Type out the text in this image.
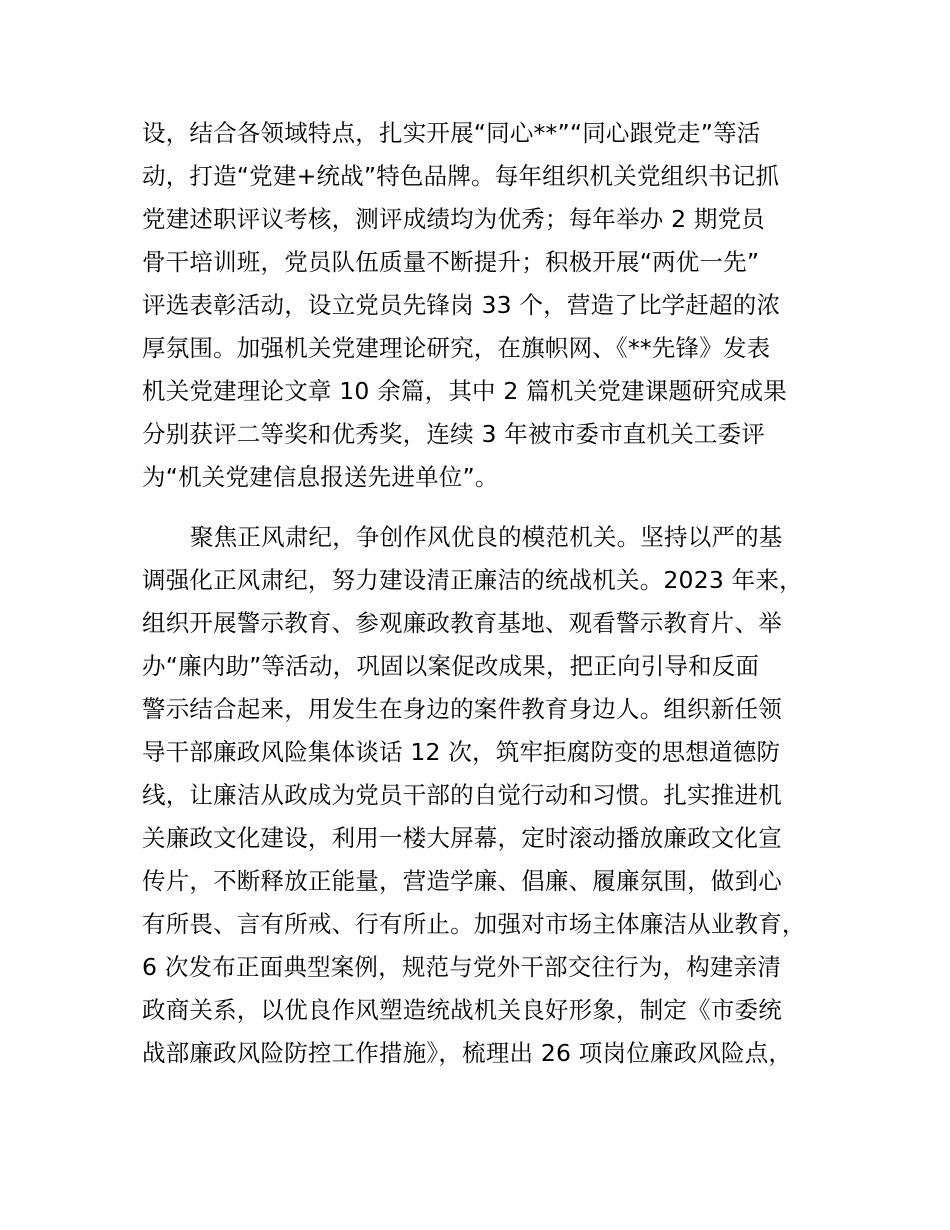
设，结合各领域特点，扎实开展“同心**”“同心跟党走”等活
动，打造“党建+统战”特色品牌。每年组织机关党组织书记抓
党建述职评议考核，测评成绩均为优秀；每年举办 2 期党员
骨干培训班，党员队伍质量不断提升；积极开展“两优一先”
评选表彰活动，设立党员先锋岗 33 个，营造了比学赶超的浓
厚氛围。加强机关党建理论研究，在旗帜网、《**先锋》发表
机关党建理论文章 10 余篇，其中 2 篇机关党建课题研究成果
分别获评二等奖和优秀奖，连续 3 年被市委市直机关工委评
为“机关党建信息报送先进单位”。
聚焦正风肃纪，争创作风优良的模范机关。坚持以严的基
调强化正风肃纪，努力建设清正廉洁的统战机关。2023 年来，
组织开展警示教育、参观廉政教育基地、观看警示教育片、举
办“廉内助”等活动，巩固以案促改成果，把正向引导和反面
警示结合起来，用发生在身边的案件教育身边人。组织新任领
导干部廉政风险集体谈话 12 次，筑牢拒腐防变的思想道德防
线，让廉洁从政成为党员干部的自觉行动和习惯。扎实推进机
关廉政文化建设，利用一楼大屏幕，定时滚动播放廉政文化宣
传片，不断释放正能量，营造学廉、倡廉、履廉氛围，做到心
有所畏、言有所戒、行有所止。加强对市场主体廉洁从业教育，
6 次发布正面典型案例，规范与党外干部交往行为，构建亲清
政商关系，以优良作风塑造统战机关良好形象，制定《市委统
战部廉政风险防控工作措施》，梳理出 26 项岗位廉政风险点，
